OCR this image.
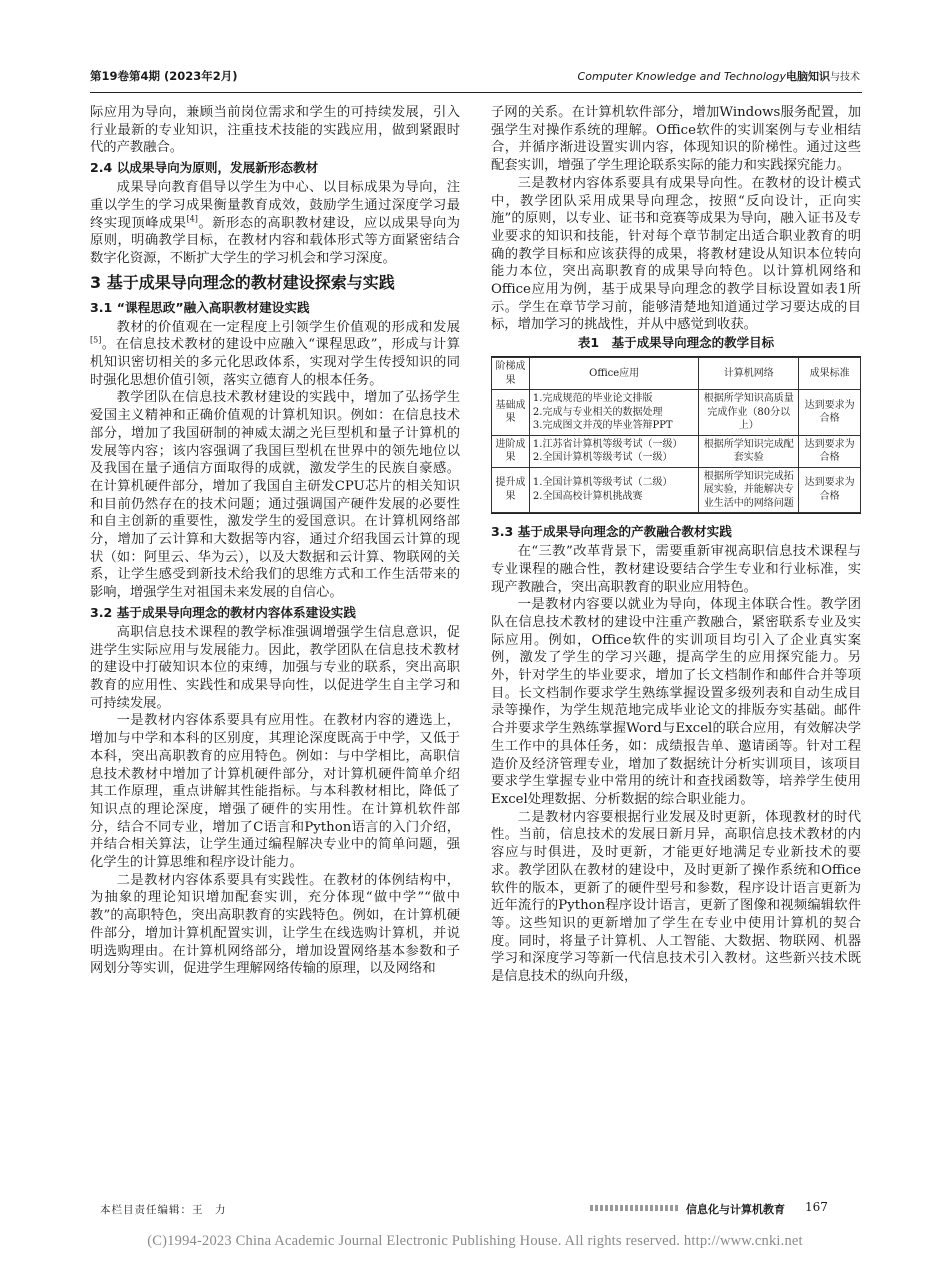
第19卷第4期 (2023年2月)	Computer Knowledge and Technology电脑知识与技术

际应用为导向，兼顾当前岗位需求和学生的可持续发展，引入行业最新的专业知识，注重技术技能的实践应用，做到紧跟时代的产教融合。

2.4 以成果导向为原则，发展新形态教材

成果导向教育倡导以学生为中心、以目标成果为导向，注重以学生的学习成果衡量教育成效，鼓励学生通过深度学习最终实现顶峰成果[4]。新形态的高职教材建设，应以成果导向为原则，明确教学目标，在教材内容和载体形式等方面紧密结合数字化资源，不断扩大学生的学习机会和学习深度。

3 基于成果导向理念的教材建设探索与实践
3.1 “课程思政”融入高职教材建设实践

教材的价值观在一定程度上引领学生价值观的形成和发展[5]。在信息技术教材的建设中应融入“课程思政”，形成与计算机知识密切相关的多元化思政体系，实现对学生传授知识的同时强化思想价值引领，落实立德育人的根本任务。

教学团队在信息技术教材建设的实践中，增加了弘扬学生爱国主义精神和正确价值观的计算机知识。例如：在信息技术部分，增加了我国研制的神威太湖之光巨型机和量子计算机的发展等内容；该内容强调了我国巨型机在世界中的领先地位以及我国在量子通信方面取得的成就，激发学生的民族自豪感。在计算机硬件部分，增加了我国自主研发CPU芯片的相关知识和目前仍然存在的技术问题；通过强调国产硬件发展的必要性和自主创新的重要性，激发学生的爱国意识。在计算机网络部分，增加了云计算和大数据等内容，通过介绍我国云计算的现状（如：阿里云、华为云），以及大数据和云计算、物联网的关系，让学生感受到新技术给我们的思维方式和工作生活带来的影响，增强学生对祖国未来发展的自信心。

3.2 基于成果导向理念的教材内容体系建设实践

高职信息技术课程的教学标准强调增强学生信息意识，促进学生实际应用与发展能力。因此，教学团队在信息技术教材的建设中打破知识本位的束缚，加强与专业的联系，突出高职教育的应用性、实践性和成果导向性，以促进学生自主学习和可持续发展。

一是教材内容体系要具有应用性。在教材内容的遴选上，增加与中学和本科的区别度，其理论深度既高于中学，又低于本科，突出高职教育的应用特色。例如：与中学相比，高职信息技术教材中增加了计算机硬件部分，对计算机硬件简单介绍其工作原理，重点讲解其性能指标。与本科教材相比，降低了知识点的理论深度，增强了硬件的实用性。在计算机软件部分，结合不同专业，增加了C语言和Python语言的入门介绍，并结合相关算法，让学生通过编程解决专业中的简单问题，强化学生的计算思维和程序设计能力。

二是教材内容体系要具有实践性。在教材的体例结构中，为抽象的理论知识增加配套实训，充分体现“做中学”“做中教”的高职特色，突出高职教育的实践特色。例如，在计算机硬件部分，增加计算机配置实训，让学生在线选购计算机，并说明选购理由。在计算机网络部分，增加设置网络基本参数和子网划分等实训，促进学生理解网络传输的原理，以及网络和

子网的关系。在计算机软件部分，增加Windows服务配置，加强学生对操作系统的理解。Office软件的实训案例与专业相结合，并循序渐进设置实训内容，体现知识的阶梯性。通过这些配套实训，增强了学生理论联系实际的能力和实践探究能力。

三是教材内容体系要具有成果导向性。在教材的设计模式中，教学团队采用成果导向理念，按照“反向设计，正向实施”的原则，以专业、证书和竞赛等成果为导向，融入证书及专业要求的知识和技能，针对每个章节制定出适合职业教育的明确的教学目标和应该获得的成果，将教材建设从知识本位转向能力本位，突出高职教育的成果导向特色。以计算机网络和Office应用为例，基于成果导向理念的教学目标设置如表1所示。学生在章节学习前，能够清楚地知道通过学习要达成的目标，增加学习的挑战性，并从中感觉到收获。

表1　基于成果导向理念的教学目标
阶梯成果	Office应用	计算机网络	成果标准
基础成果	1.完成规范的毕业论文排版
2.完成与专业相关的数据处理
3.完成图文并茂的毕业答辩PPT	根据所学知识高质量完成作业（80分以上）	达到要求为合格
进阶成果	1.江苏省计算机等级考试（一级）
2.全国计算机等级考试（一级）	根据所学知识完成配套实验	达到要求为合格
提升成果	1.全国计算机等级考试（二级）
2.全国高校计算机挑战赛	根据所学知识完成拓展实验，并能解决专业生活中的网络问题	达到要求为合格
3.3 基于成果导向理念的产教融合教材实践

在“三教”改革背景下，需要重新审视高职信息技术课程与专业课程的融合性，教材建设要结合学生专业和行业标准，实现产教融合，突出高职教育的职业应用特色。

一是教材内容要以就业为导向，体现主体联合性。教学团队在信息技术教材的建设中注重产教融合，紧密联系专业及实际应用。例如，Office软件的实训项目均引入了企业真实案例，激发了学生的学习兴趣，提高学生的应用探究能力。另外，针对学生的毕业要求，增加了长文档制作和邮件合并等项目。长文档制作要求学生熟练掌握设置多级列表和自动生成目录等操作，为学生规范地完成毕业论文的排版夯实基础。邮件合并要求学生熟练掌握Word与Excel的联合应用，有效解决学生工作中的具体任务，如：成绩报告单、邀请函等。针对工程造价及经济管理专业，增加了数据统计分析实训项目，该项目要求学生掌握专业中常用的统计和查找函数等，培养学生使用Excel处理数据、分析数据的综合职业能力。

二是教材内容要根据行业发展及时更新，体现教材的时代性。当前，信息技术的发展日新月异，高职信息技术教材的内容应与时俱进，及时更新，才能更好地满足专业新技术的要求。教学团队在教材的建设中，及时更新了操作系统和Office软件的版本，更新了的硬件型号和参数，程序设计语言更新为近年流行的Python程序设计语言，更新了图像和视频编辑软件等。这些知识的更新增加了学生在专业中使用计算机的契合度。同时，将量子计算机、人工智能、大数据、物联网、机器学习和深度学习等新一代信息技术引入教材。这些新兴技术既是信息技术的纵向升级，

本栏目责任编辑：王　力	信息化与计算机教育 167
(C)1994-2023 China Academic Journal Electronic Publishing House. All rights reserved. http://www.cnki.net
